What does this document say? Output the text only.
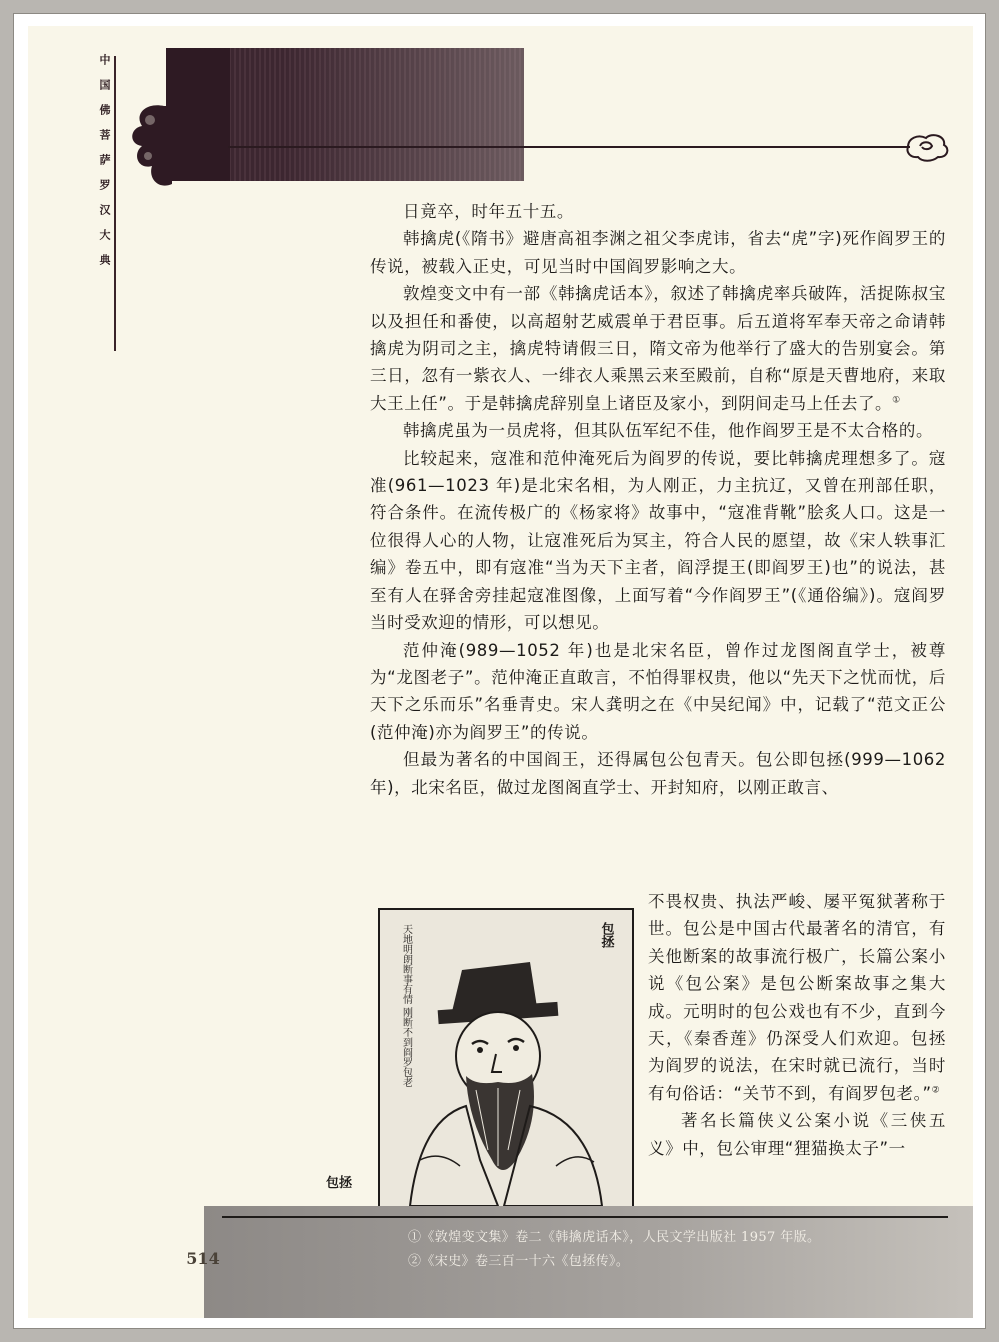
中国佛菩萨罗汉大典	日竟卒，时年五十五。

韩擒虎(《隋书》避唐高祖李渊之祖父李虎讳，省去“虎”字)死作阎罗王的传说，被载入正史，可见当时中国阎罗影响之大。

敦煌变文中有一部《韩擒虎话本》，叙述了韩擒虎率兵破阵，活捉陈叔宝以及担任和番使，以高超射艺威震单于君臣事。后五道将军奉天帝之命请韩擒虎为阴司之主，擒虎特请假三日，隋文帝为他举行了盛大的告别宴会。第三日，忽有一紫衣人、一绯衣人乘黑云来至殿前，自称“原是天曹地府，来取大王上任”。于是韩擒虎辞别皇上诸臣及家小，到阴间走马上任去了。①

韩擒虎虽为一员虎将，但其队伍军纪不佳，他作阎罗王是不太合格的。

比较起来，寇准和范仲淹死后为阎罗的传说，要比韩擒虎理想多了。寇准(961—1023 年)是北宋名相，为人刚正，力主抗辽，又曾在刑部任职，符合条件。在流传极广的《杨家将》故事中，“寇准背靴”脍炙人口。这是一位很得人心的人物，让寇准死后为冥主，符合人民的愿望，故《宋人轶事汇编》卷五中，即有寇准“当为天下主者，阎浮提王(即阎罗王)也”的说法，甚至有人在驿舍旁挂起寇准图像，上面写着“今作阎罗王”(《通俗编》)。寇阎罗当时受欢迎的情形，可以想见。

范仲淹(989—1052 年)也是北宋名臣，曾作过龙图阁直学士，被尊为“龙图老子”。范仲淹正直敢言，不怕得罪权贵，他以“先天下之忧而忧，后天下之乐而乐”名垂青史。宋人龚明之在《中吴纪闻》中，记载了“范文正公(范仲淹)亦为阎罗王”的传说。

但最为著名的中国阎王，还得属包公包青天。包公即包拯(999—1062 年)，北宋名臣，做过龙图阁直学士、开封知府，以刚正敢言、

天地明朗断事有情 刚断不到阎罗包老	包拯

不畏权贵、执法严峻、屡平冤狱著称于世。包公是中国古代最著名的清官，有关他断案的故事流行极广，长篇公案小说《包公案》是包公断案故事之集大成。元明时的包公戏也有不少，直到今天，《秦香莲》仍深受人们欢迎。包拯为阎罗的说法，在宋时就已流行，当时有句俗话：“关节不到，有阎罗包老。”②

著名长篇侠义公案小说《三侠五义》中，包公审理“狸猫换太子”一

包拯
514
①《敦煌变文集》卷二《韩擒虎话本》，人民文学出版社 1957 年版。
②《宋史》卷三百一十六《包拯传》。
